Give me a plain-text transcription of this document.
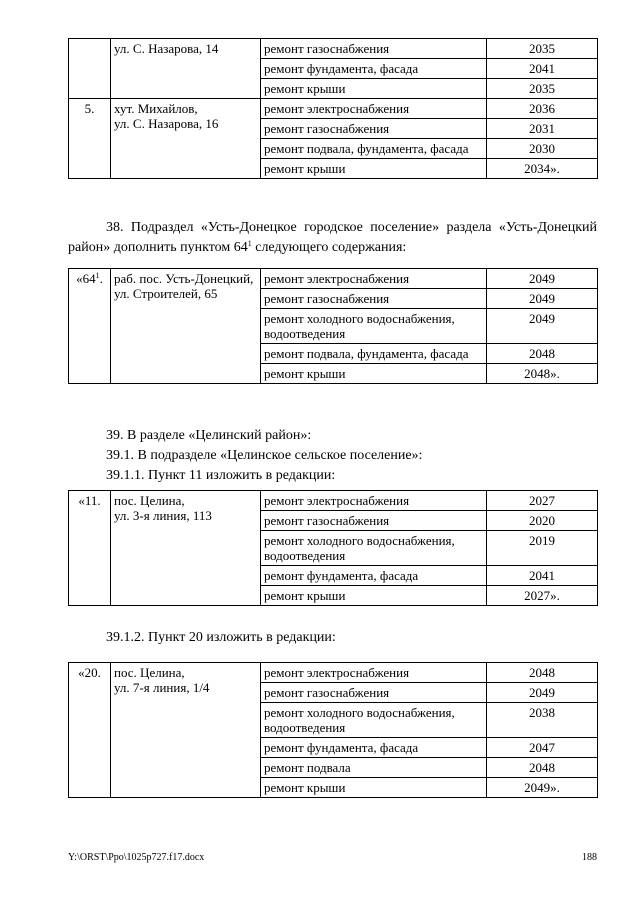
	ул. С. Назарова, 14	ремонт газоснабжения	2035
		ремонт фундамента, фасада	2041
		ремонт крыши	2035
5.	хут. Михайлов,
ул. С. Назарова, 16	ремонт электроснабжения	2036
		ремонт газоснабжения	2031
		ремонт подвала, фундамента, фасада	2030
		ремонт крыши	2034».
38. Подраздел «Усть-Донецкое городское поселение» раздела «Усть-Донецкий район» дополнить пунктом $64^1$ следующего содержания:
«$64^1$.	раб. пос. Усть-Донецкий,
ул. Строителей, 65	ремонт электроснабжения	2049
		ремонт газоснабжения	2049
		ремонт холодного водоснабжения, водоотведения	2049
		ремонт подвала, фундамента, фасада	2048
		ремонт крыши	2048».
39. В разделе «Целинский район»:
39.1. В подразделе «Целинское сельское поселение»:
39.1.1. Пункт 11 изложить в редакции:
«11.	пос. Целина,
ул. 3-я линия, 113	ремонт электроснабжения	2027
		ремонт газоснабжения	2020
		ремонт холодного водоснабжения, водоотведения	2019
		ремонт фундамента, фасада	2041
		ремонт крыши	2027».
39.1.2. Пункт 20 изложить в редакции:
«20.	пос. Целина,
ул. 7-я линия, 1/4	ремонт электроснабжения	2048
		ремонт газоснабжения	2049
		ремонт холодного водоснабжения, водоотведения	2038
		ремонт фундамента, фасада	2047
		ремонт подвала	2048
		ремонт крыши	2049».
Y:\ORST\Ppo\1025p727.f17.docx	188
